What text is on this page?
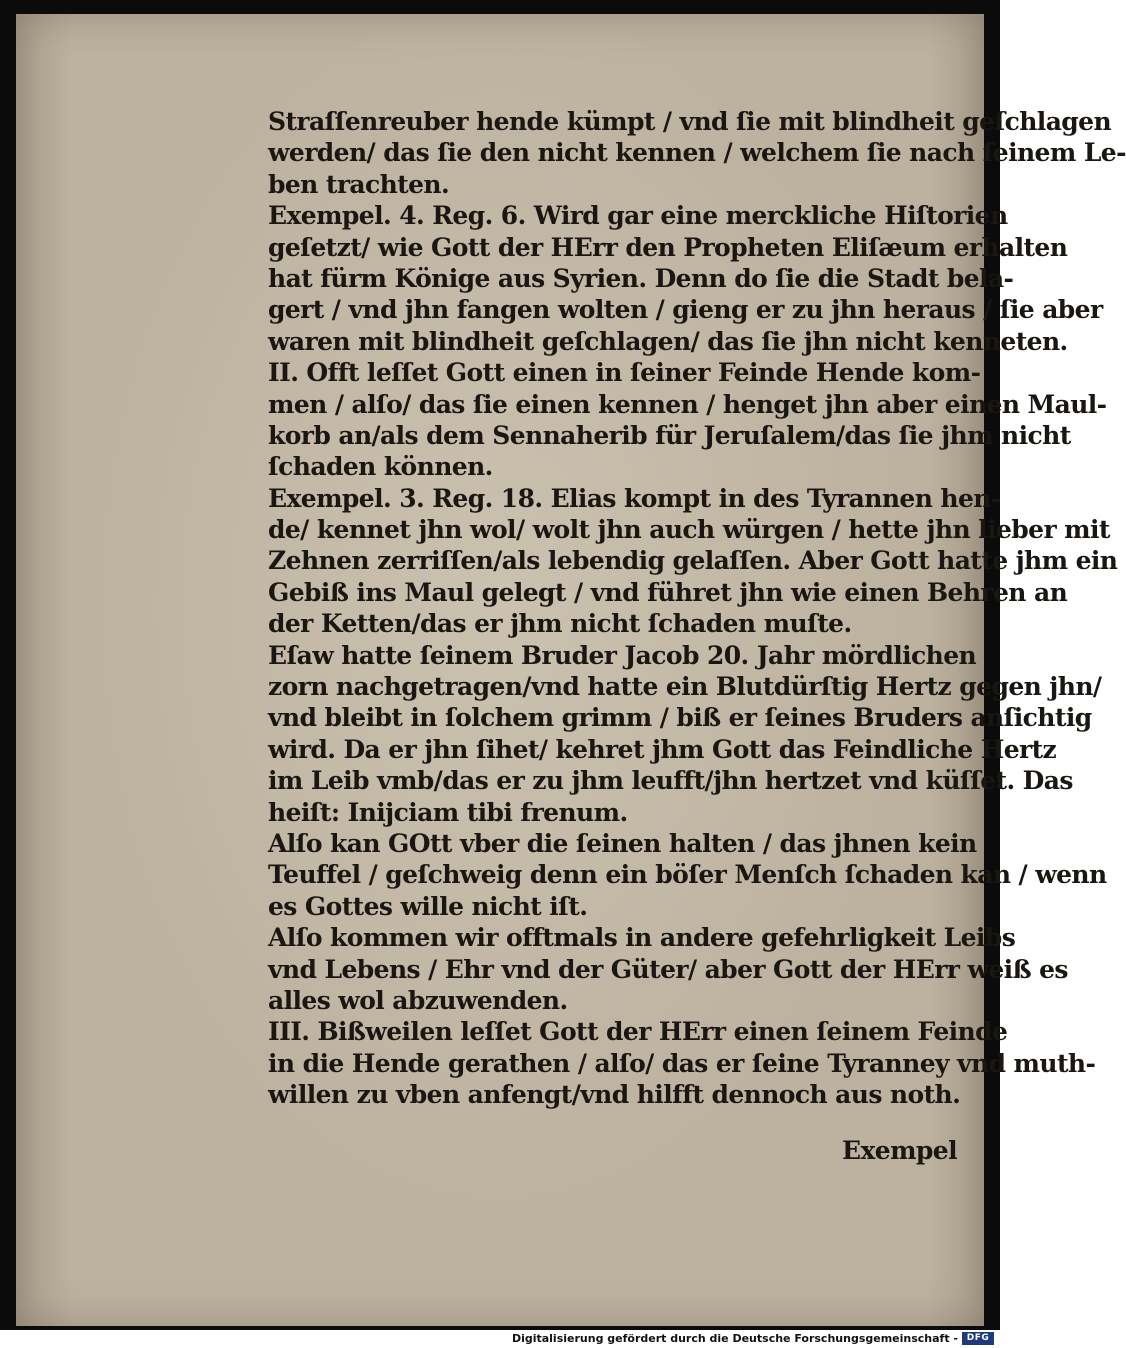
Straſſenreuber hende kümpt / vnd ſie mit blindheit geſchlagen
werden/ das ſie den nicht kennen / welchem ſie nach ſeinem Le-
ben trachten.
Exempel. 4. Reg. 6. Wird gar eine merckliche Hiſtorien
geſetzt/ wie Gott der HErr den Propheten Eliſæum erhalten
hat fürm Könige aus Syrien. Denn do ſie die Stadt bela-
gert / vnd jhn fangen wolten / gieng er zu jhn heraus / ſie aber
waren mit blindheit geſchlagen/ das ſie jhn nicht kenneten.
II. Offt leſſet Gott einen in ſeiner Feinde Hende kom-
men / alſo/ das ſie einen kennen / henget jhn aber einen Maul-
korb an/als dem Sennaherib für Jeruſalem/das ſie jhm nicht
ſchaden können.
Exempel. 3. Reg. 18. Elias kompt in des Tyrannen hen-
de/ kennet jhn wol/ wolt jhn auch würgen / hette jhn lieber mit
Zehnen zerriſſen/als lebendig gelaſſen. Aber Gott hatte jhm ein
Gebiß ins Maul gelegt / vnd führet jhn wie einen Behren an
der Ketten/das er jhm nicht ſchaden muſte.
Eſaw hatte ſeinem Bruder Jacob 20. Jahr mördlichen
zorn nachgetragen/vnd hatte ein Blutdürſtig Hertz gegen jhn/
vnd bleibt in ſolchem grimm / biß er ſeines Bruders anſichtig
wird. Da er jhn ſihet/ kehret jhm Gott das Feindliche Hertz
im Leib vmb/das er zu jhm leufft/jhn hertzet vnd küſſet. Das
heiſt: Inijciam tibi frenum.
Alſo kan GOtt vber die ſeinen halten / das jhnen kein
Teuffel / geſchweig denn ein böſer Menſch ſchaden kan / wenn
es Gottes wille nicht iſt.
Alſo kommen wir offtmals in andere gefehrligkeit Leibs
vnd Lebens / Ehr vnd der Güter/ aber Gott der HErr weiß es
alles wol abzuwenden.
III. Bißweilen leſſet Gott der HErr einen ſeinem Feinde
in die Hende gerathen / alſo/ das er ſeine Tyranney vnd muth-
willen zu vben anfengt/vnd hilfft dennoch aus noth.
Exempel
Digitalisierung gefördert durch die Deutsche Forschungsgemeinschaft - DFG
